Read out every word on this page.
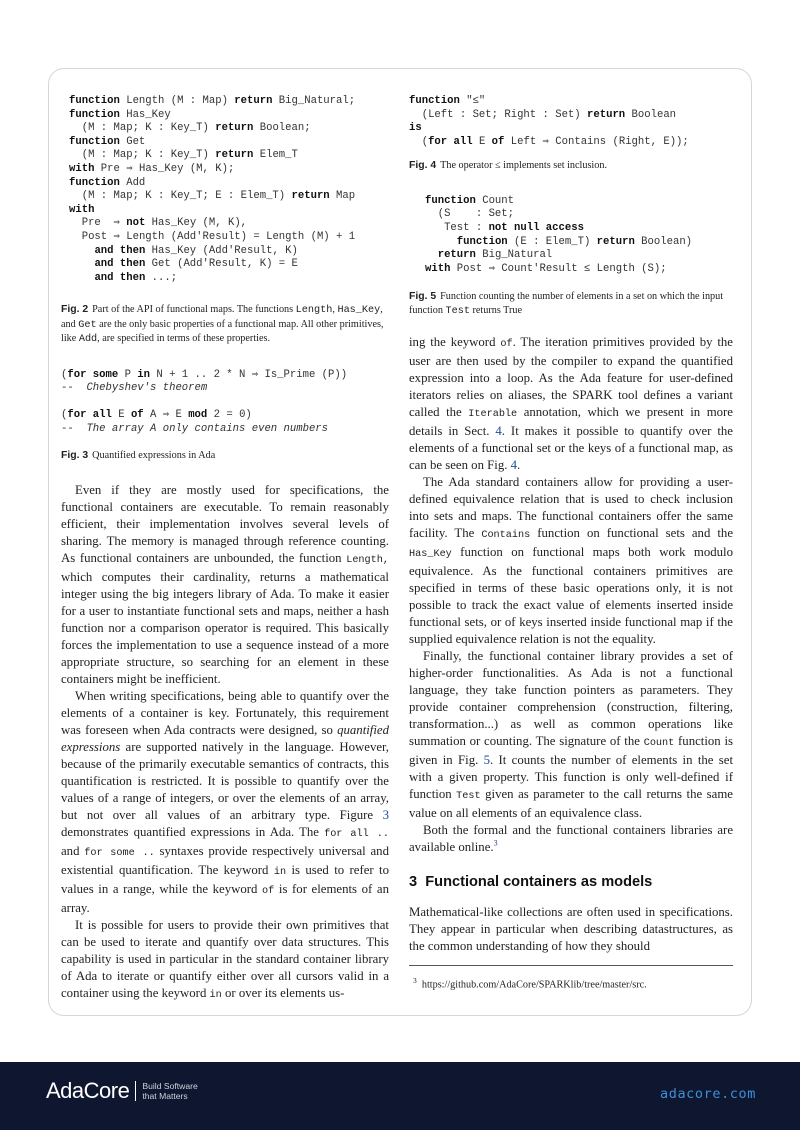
function Length (M : Map) return Big_Natural;
function Has_Key
(M : Map; K : Key_T) return Boolean;
function Get
(M : Map; K : Key_T) return Elem_T
with Pre ⇒ Has_Key (M, K);
function Add
(M : Map; K : Key_T; E : Elem_T) return Map
with
Pre  ⇒ not Has_Key (M, K),
Post ⇒ Length (Add'Result) = Length (M) + 1
and then Has_Key (Add'Result, K)
and then Get (Add'Result, K) = E
and then ...;
Fig. 2 Part of the API of functional maps. The functions Length, Has_Key, and Get are the only basic properties of a functional map. All other primitives, like Add, are specified in terms of these properties.
(for some P in N + 1 .. 2 * N ⇒ Is_Prime (P))
--  Chebyshev's theorem

(for all E of A ⇒ E mod 2 = 0)
--  The array A only contains even numbers
Fig. 3 Quantified expressions in Ada

Even if they are mostly used for specifications, the functional containers are executable. To remain reasonably efficient, their implementation involves several levels of sharing. The memory is managed through reference counting. As functional containers are unbounded, the function Length, which computes their cardinality, returns a mathematical integer using the big integers library of Ada. To make it easier for a user to instantiate functional sets and maps, neither a hash function nor a comparison operator is required. This basically forces the implementation to use a sequence instead of a more appropriate structure, so searching for an element in these containers might be inefficient.

When writing specifications, being able to quantify over the elements of a container is key. Fortunately, this requirement was foreseen when Ada contracts were designed, so quantified expressions are supported natively in the language. However, because of the primarily executable semantics of contracts, this quantification is restricted. It is possible to quantify over the values of a range of integers, or over the elements of an array, but not over all values of an arbitrary type. Figure 3 demonstrates quantified expressions in Ada. The for all .. and for some .. syntaxes provide respectively universal and existential quantification. The keyword in is used to refer to values in a range, while the keyword of is for elements of an array.

It is possible for users to provide their own primitives that can be used to iterate and quantify over data structures. This capability is used in particular in the standard container library of Ada to iterate or quantify either over all cursors valid in a container using the keyword in or over its elements us-

function "≤"
(Left : Set; Right : Set) return Boolean
is
(for all E of Left ⇒ Contains (Right, E));
Fig. 4 The operator ≤ implements set inclusion.
function Count
(S    : Set;
Test : not null access
function (E : Elem_T) return Boolean)
return Big_Natural
with Post ⇒ Count'Result ≤ Length (S);
Fig. 5 Function counting the number of elements in a set on which the input function Test returns True

ing the keyword of. The iteration primitives provided by the user are then used by the compiler to expand the quantified expression into a loop. As the Ada feature for user-defined iterators relies on aliases, the SPARK tool defines a variant called the Iterable annotation, which we present in more details in Sect. 4. It makes it possible to quantify over the elements of a functional set or the keys of a functional map, as can be seen on Fig. 4.

The Ada standard containers allow for providing a user-defined equivalence relation that is used to check inclusion into sets and maps. The functional containers offer the same facility. The Contains function on functional sets and the Has_Key function on functional maps both work modulo equivalence. As the functional containers primitives are specified in terms of these basic operations only, it is not possible to track the exact value of elements inserted inside functional sets, or of keys inserted inside functional map if the supplied equivalence relation is not the equality.

Finally, the functional container library provides a set of higher-order functionalities. As Ada is not a functional language, they take function pointers as parameters. They provide container comprehension (construction, filtering, transformation...) as well as common operations like summation or counting. The signature of the Count function is given in Fig. 5. It counts the number of elements in the set with a given property. This function is only well-defined if function Test given as parameter to the call returns the same value on all elements of an equivalence class.

Both the formal and the functional containers libraries are available online.$^3$

3 Functional containers as models

Mathematical-like collections are often used in specifications. They appear in particular when describing datastructures, as the common understanding of how they should

$^3$ https://github.com/AdaCore/SPARKlib/tree/master/src.
AdaCore Build Software
that Matters	adacore.com
